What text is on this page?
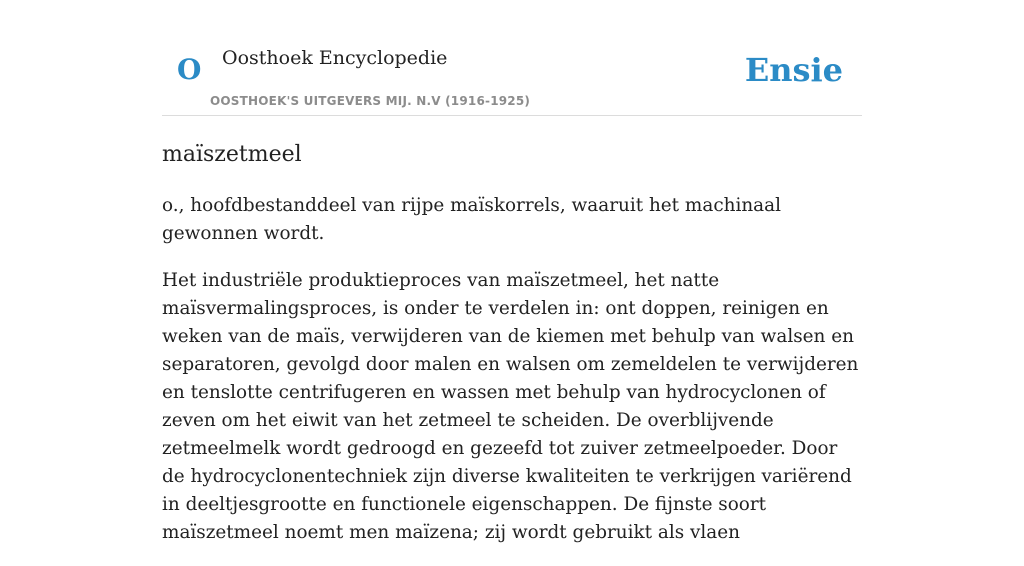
O Oosthoek Encyclopedie
OOSTHOEK'S UITGEVERS MIJ. N.V (1916-1925)
Ensie
maïszetmeel

o., hoofdbestanddeel van rijpe maïskorrels, waaruit het machinaal gewonnen wordt.

Het industriële produktieproces van maïszetmeel, het natte maïsvermalingsproces, is onder te verdelen in: ont doppen, reinigen en weken van de maïs, verwijderen van de kiemen met behulp van walsen en separatoren, gevolgd door malen en walsen om zemeldelen te verwijderen en tenslotte centrifugeren en wassen met behulp van hydrocyclonen of zeven om het eiwit van het zetmeel te scheiden. De overblijvende zetmeelmelk wordt gedroogd en gezeefd tot zuiver zetmeelpoeder. Door de hydrocyclonentechniek zijn diverse kwaliteiten te verkrijgen variërend in deeltjesgrootte en functionele eigenschappen. De fijnste soort maïszetmeel noemt men maïzena; zij wordt gebruikt als vlaen
